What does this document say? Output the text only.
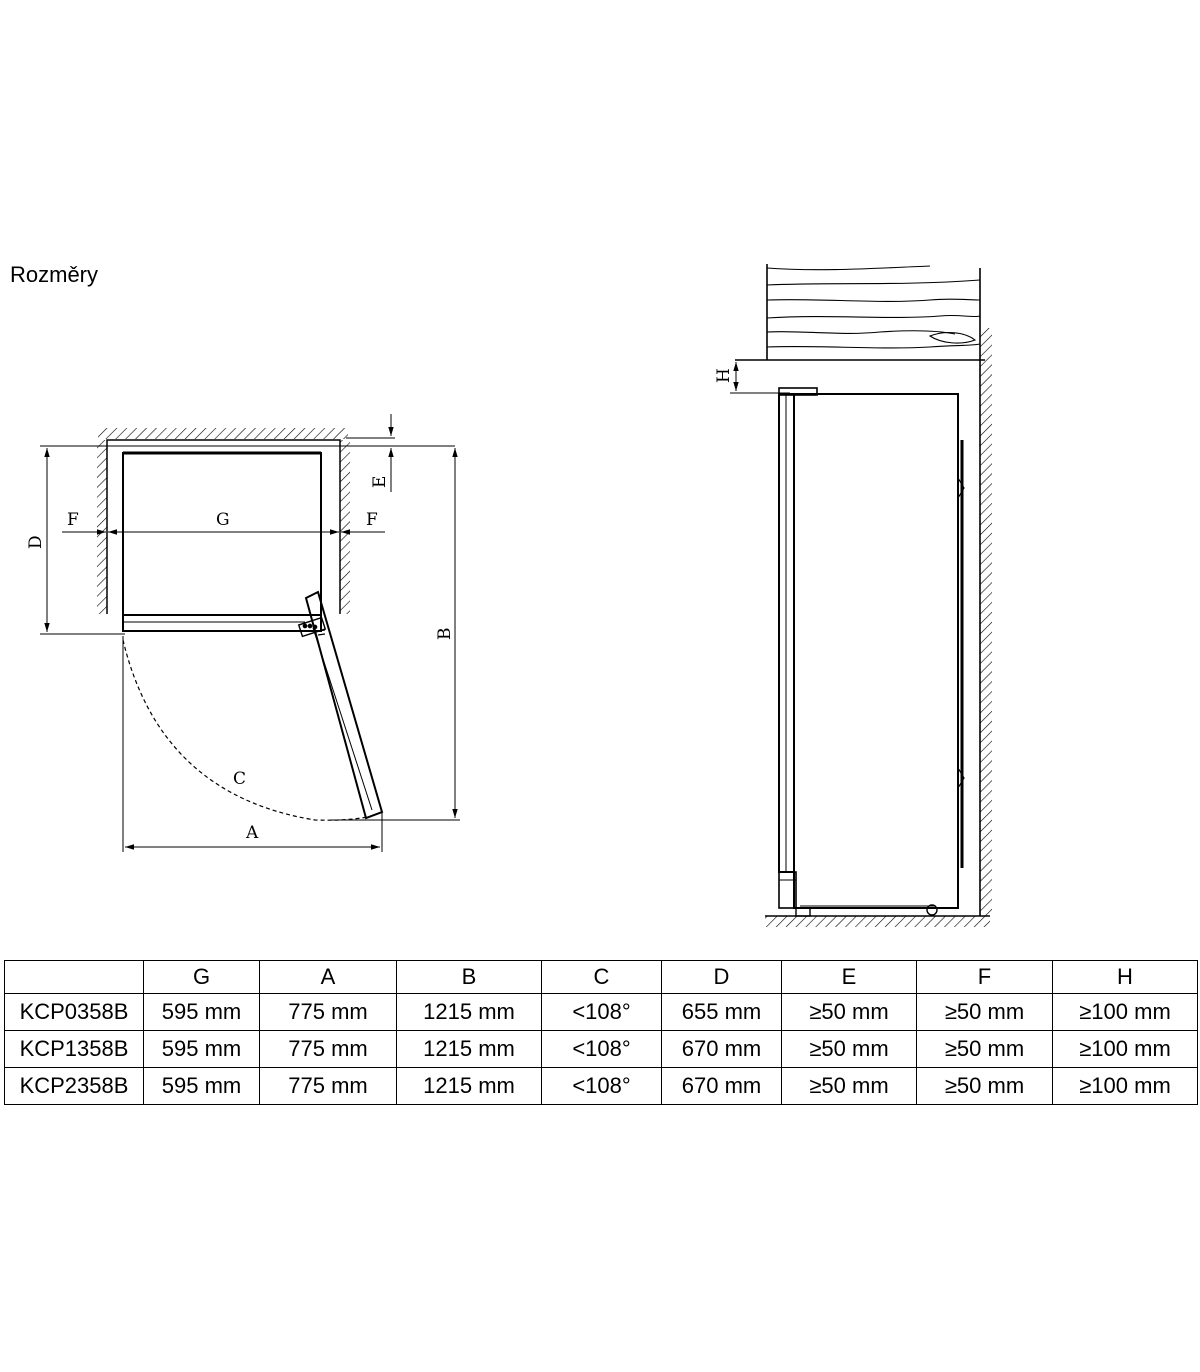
Rozměry
F	G	F
D
E
B
C
A
H
	G	A	B	C	D	E	F	H
KCP0358B	595 mm	775 mm	1215 mm	<108°	655 mm	≥50 mm	≥50 mm	≥100 mm
KCP1358B	595 mm	775 mm	1215 mm	<108°	670 mm	≥50 mm	≥50 mm	≥100 mm
KCP2358B	595 mm	775 mm	1215 mm	<108°	670 mm	≥50 mm	≥50 mm	≥100 mm
